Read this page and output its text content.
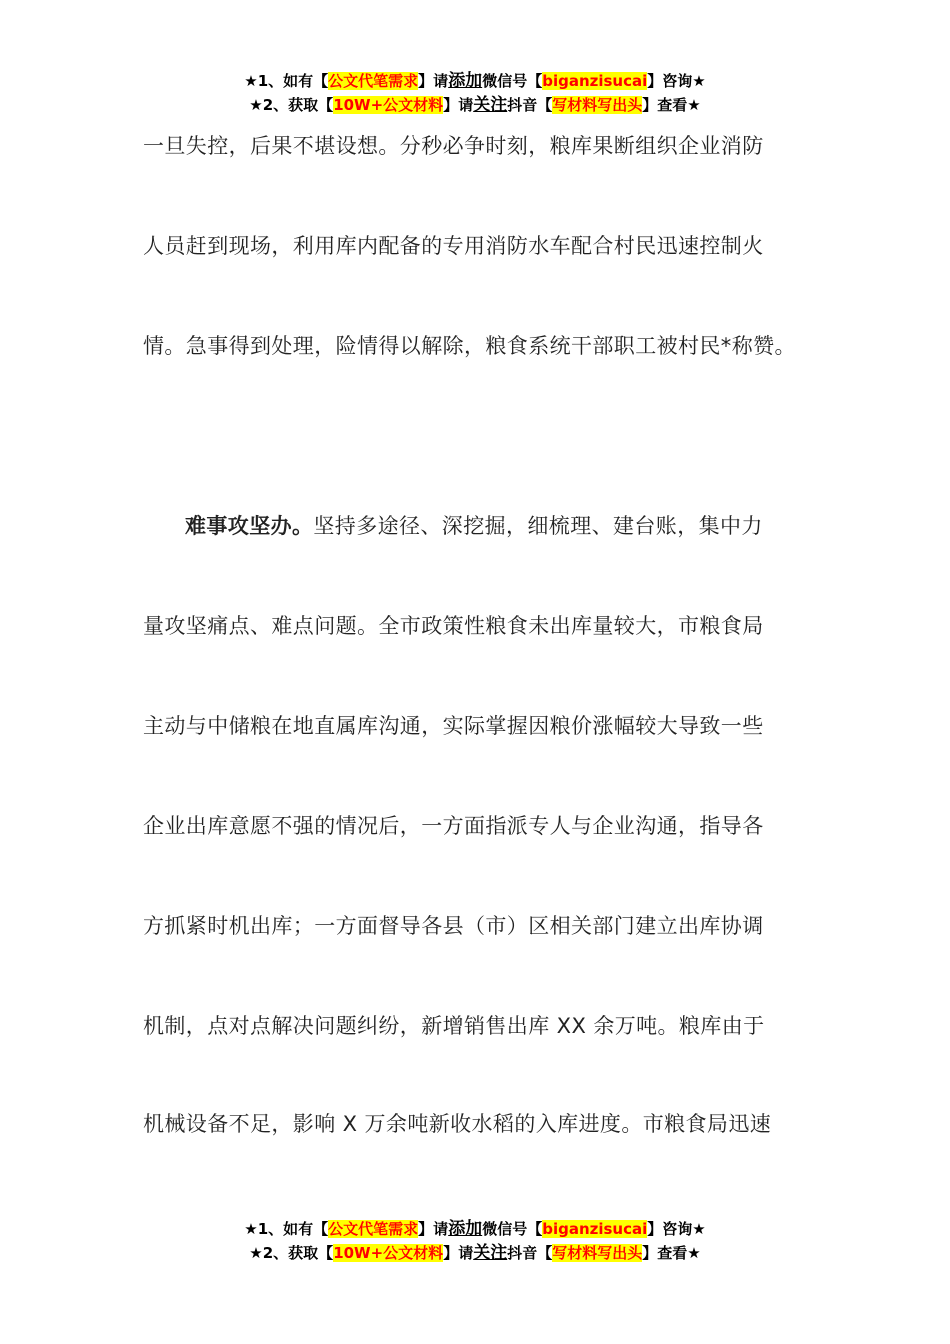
★1、如有【公文代笔需求】请添加微信号【biganzisucai】咨询★
★2、获取【10W+公文材料】请关注抖音【写材料写出头】查看★
一旦失控，后果不堪设想。分秒必争时刻，粮库果断组织企业消防
人员赶到现场，利用库内配备的专用消防水车配合村民迅速控制火
情。急事得到处理，险情得以解除，粮食系统干部职工被村民*称赞。
难事攻坚办。坚持多途径、深挖掘，细梳理、建台账，集中力
量攻坚痛点、难点问题。全市政策性粮食未出库量较大，市粮食局
主动与中储粮在地直属库沟通，实际掌握因粮价涨幅较大导致一些
企业出库意愿不强的情况后，一方面指派专人与企业沟通，指导各
方抓紧时机出库；一方面督导各县（市）区相关部门建立出库协调
机制，点对点解决问题纠纷，新增销售出库 XX 余万吨。粮库由于
机械设备不足，影响 X 万余吨新收水稻的入库进度。市粮食局迅速
★1、如有【公文代笔需求】请添加微信号【biganzisucai】咨询★
★2、获取【10W+公文材料】请关注抖音【写材料写出头】查看★
